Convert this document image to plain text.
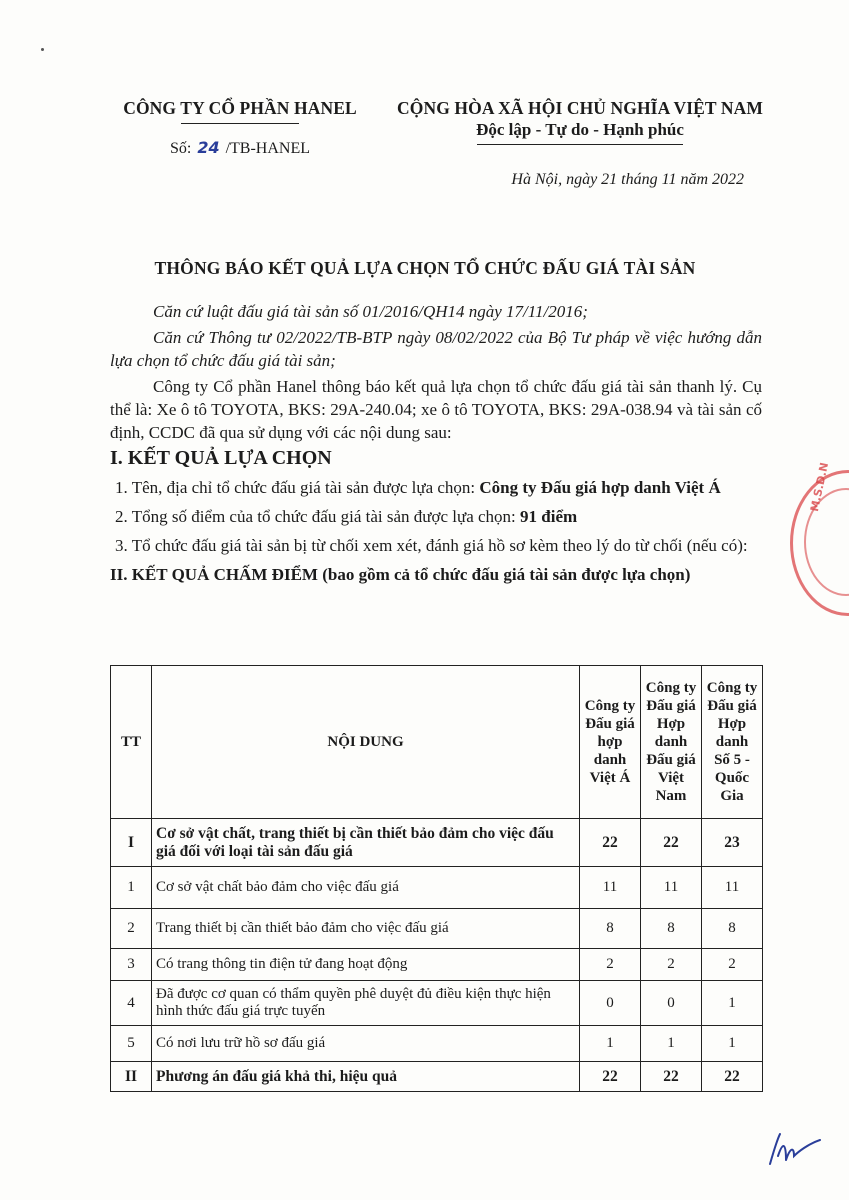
CÔNG TY CỔ PHẦN HANEL
Số: 24 /TB-HANEL
CỘNG HÒA XÃ HỘI CHỦ NGHĨA VIỆT NAM
Độc lập - Tự do - Hạnh phúc
Hà Nội, ngày 21 tháng 11 năm 2022
THÔNG BÁO KẾT QUẢ LỰA CHỌN TỔ CHỨC ĐẤU GIÁ TÀI SẢN

Căn cứ luật đấu giá tài sản số 01/2016/QH14 ngày 17/11/2016;

Căn cứ Thông tư 02/2022/TB-BTP ngày 08/02/2022 của Bộ Tư pháp về việc hướng dẫn lựa chọn tổ chức đấu giá tài sản;

Công ty Cổ phần Hanel thông báo kết quả lựa chọn tổ chức đấu giá tài sản thanh lý. Cụ thể là: Xe ô tô TOYOTA, BKS: 29A-240.04; xe ô tô TOYOTA, BKS: 29A-038.94 và tài sản cố định, CCDC đã qua sử dụng với các nội dung sau:

I. KẾT QUẢ LỰA CHỌN

1. Tên, địa chỉ tổ chức đấu giá tài sản được lựa chọn: Công ty Đấu giá hợp danh Việt Á

2. Tổng số điểm của tổ chức đấu giá tài sản được lựa chọn: 91 điểm

3. Tổ chức đấu giá tài sản bị từ chối xem xét, đánh giá hồ sơ kèm theo lý do từ chối (nếu có):

II. KẾT QUẢ CHẤM ĐIỂM (bao gồm cả tổ chức đấu giá tài sản được lựa chọn)
TT	NỘI DUNG	Công ty Đấu giá hợp danh Việt Á	Công ty Đấu giá Hợp danh Đấu giá Việt Nam	Công ty Đấu giá Hợp danh Số 5 - Quốc Gia
I	Cơ sở vật chất, trang thiết bị cần thiết bảo đảm cho việc đấu giá đối với loại tài sản đấu giá	22	22	23
1	Cơ sở vật chất bảo đảm cho việc đấu giá	11	11	11
2	Trang thiết bị cần thiết bảo đảm cho việc đấu giá	8	8	8
3	Có trang thông tin điện tử đang hoạt động	2	2	2
4	Đã được cơ quan có thẩm quyền phê duyệt đủ điều kiện thực hiện hình thức đấu giá trực tuyến	0	0	1
5	Có nơi lưu trữ hồ sơ đấu giá	1	1	1
II	Phương án đấu giá khả thi, hiệu quả	22	22	22
M.S.D.N
